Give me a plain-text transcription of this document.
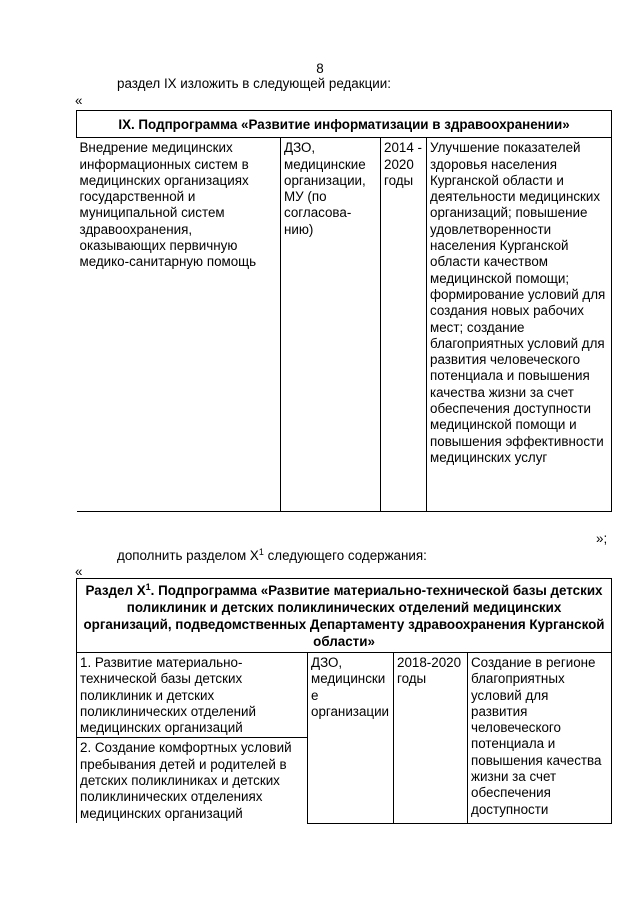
8
раздел IX изложить в следующей редакции:
«
IX. Подпрограмма «Развитие информатизации в здравоохранении»
Внедрение медицинских информационных систем в медицинских организациях государственной и муниципальной систем здравоохранения, оказывающих первичную медико-санитарную помощь	ДЗО, медицинские организации, МУ (по согласова-нию)	2014 - 2020 годы	Улучшение показателей здоровья населения Курганской области и деятельности медицинских организаций; повышение удовлетворенности населения Курганской области качеством медицинской помощи; формирование условий для создания новых рабочих мест; создание благоприятных условий для развития человеческого потенциала и повышения качества жизни за счет обеспечения доступности медицинской помощи и повышения эффективности медицинских услуг
»;
дополнить разделом $Х^1$ следующего содержания:
«
Раздел $Х^1$. Подпрограмма «Развитие материально-технической базы детских поликлиник и детских поликлинических отделений медицинских организаций, подведомственных Департаменту здравоохранения Курганской области»
1. Развитие материально-технической базы детских поликлиник и детских поликлинических отделений медицинских организаций	ДЗО, медицински е организации	2018-2020 годы	Создание в регионе благоприятных условий для развития человеческого потенциала и повышения качества жизни за счет обеспечения доступности
2. Создание комфортных условий пребывания детей и родителей в детских поликлиниках и детских поликлинических отделениях медицинских организаций
